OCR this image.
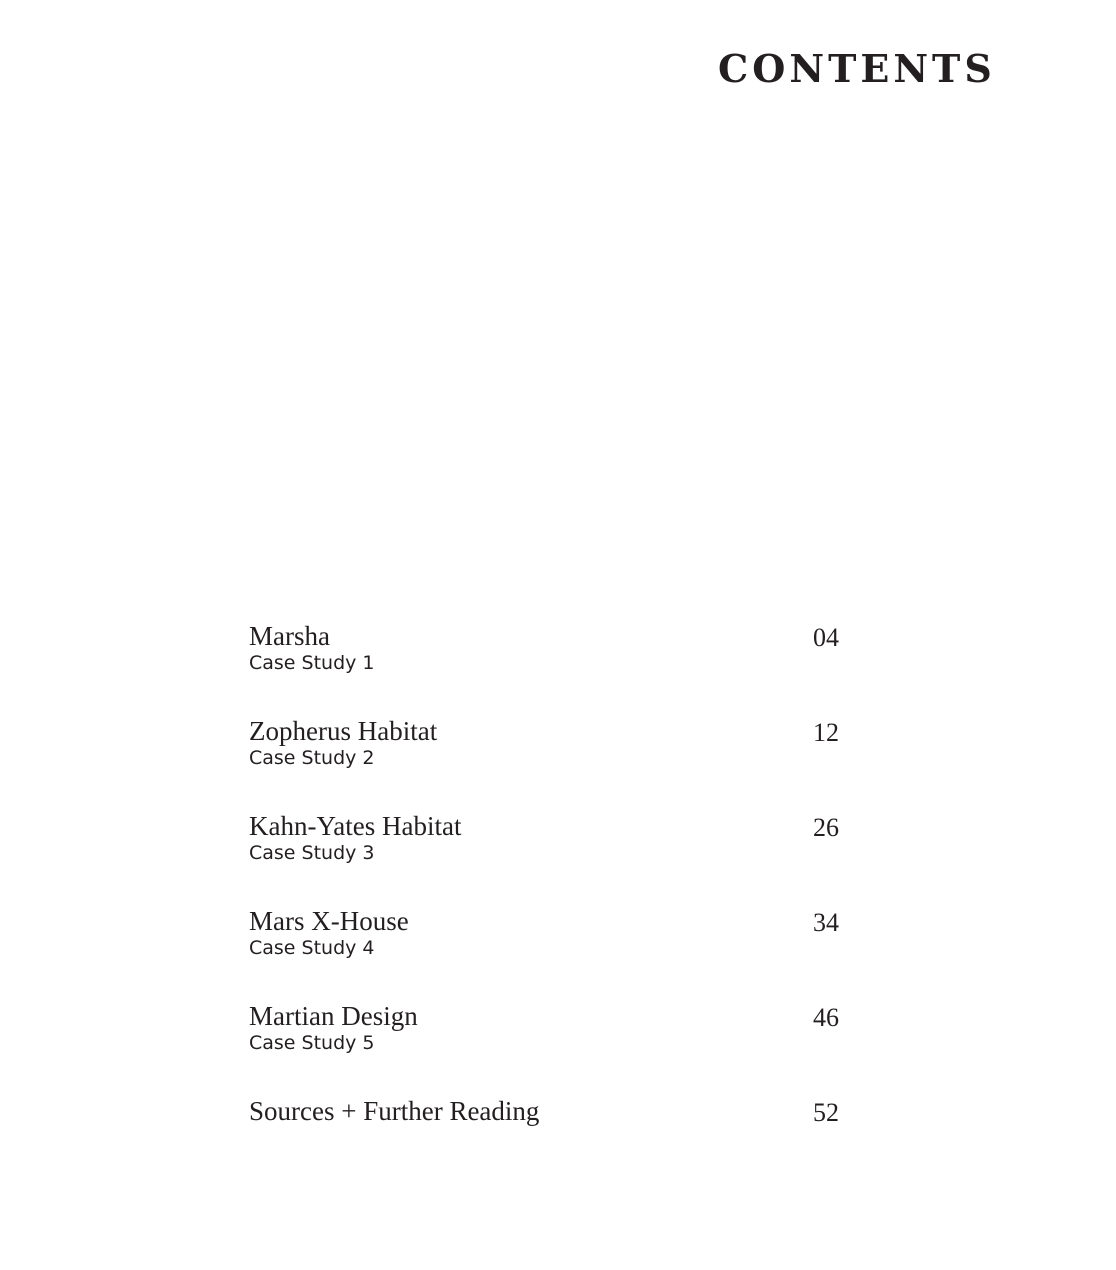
CONTENTS
Marsha
Case Study 1
04
Zopherus Habitat
Case Study 2
12
Kahn-Yates Habitat
Case Study 3
26
Mars X-House
Case Study 4
34
Martian Design
Case Study 5
46
Sources + Further Reading	52
